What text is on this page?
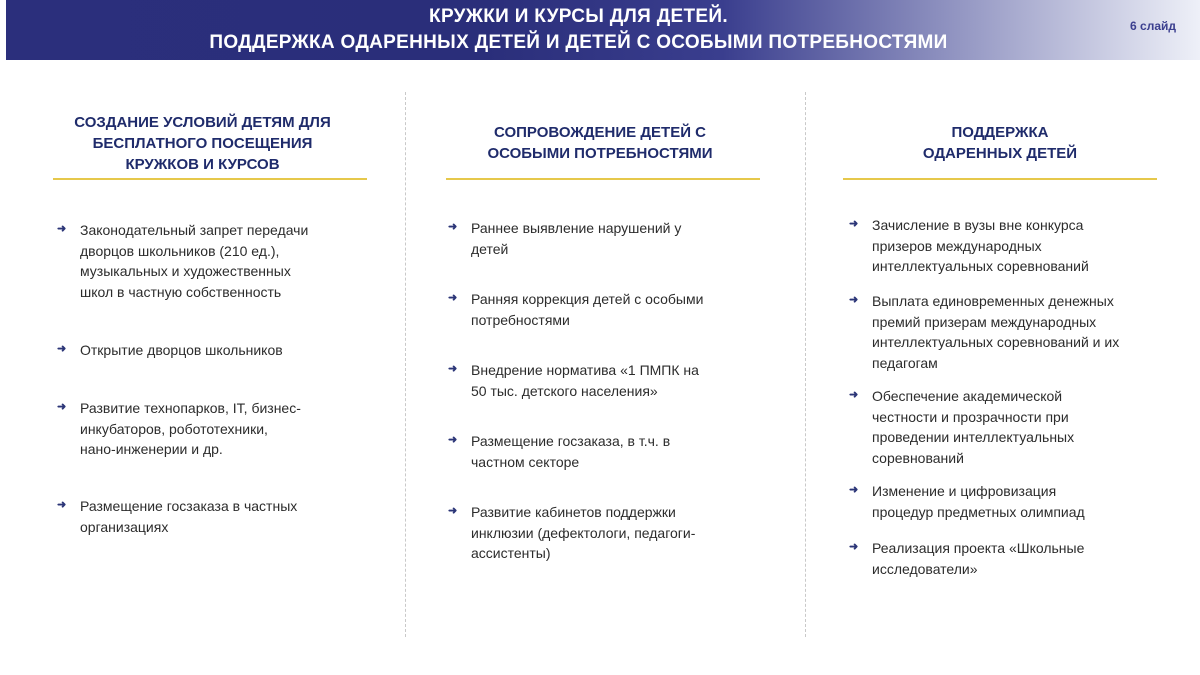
КРУЖКИ И КУРСЫ ДЛЯ ДЕТЕЙ.
ПОДДЕРЖКА ОДАРЕННЫХ ДЕТЕЙ И ДЕТЕЙ С ОСОБЫМИ ПОТРЕБНОСТЯМИ
6 слайд
СОЗДАНИЕ УСЛОВИЙ ДЕТЯМ ДЛЯ
БЕСПЛАТНОГО ПОСЕЩЕНИЯ
КРУЖКОВ И КУРСОВ
➜ Законодательный запрет передачи
дворцов школьников (210 ед.),
музыкальных и художественных
школ в частную собственность
➜ Открытие дворцов школьников
➜ Развитие технопарков, IT, бизнес-
инкубаторов, робототехники,
нано-инженерии и др.
➜ Размещение госзаказа в частных
организациях
СОПРОВОЖДЕНИЕ ДЕТЕЙ С
ОСОБЫМИ ПОТРЕБНОСТЯМИ
➜ Раннее выявление нарушений у
детей
➜ Ранняя коррекция детей с особыми
потребностями
➜ Внедрение норматива «1 ПМПК на
50 тыс. детского населения»
➜ Размещение госзаказа, в т.ч. в
частном секторе
➜ Развитие кабинетов поддержки
инклюзии (дефектологи, педагоги-
ассистенты)
ПОДДЕРЖКА
ОДАРЕННЫХ ДЕТЕЙ
➜ Зачисление в вузы вне конкурса
призеров международных
интеллектуальных соревнований
➜ Выплата единовременных денежных
премий призерам международных
интеллектуальных соревнований и их
педагогам
➜ Обеспечение академической
честности и прозрачности при
проведении интеллектуальных
соревнований
➜ Изменение и цифровизация
процедур предметных олимпиад
➜ Реализация проекта «Школьные
исследователи»
